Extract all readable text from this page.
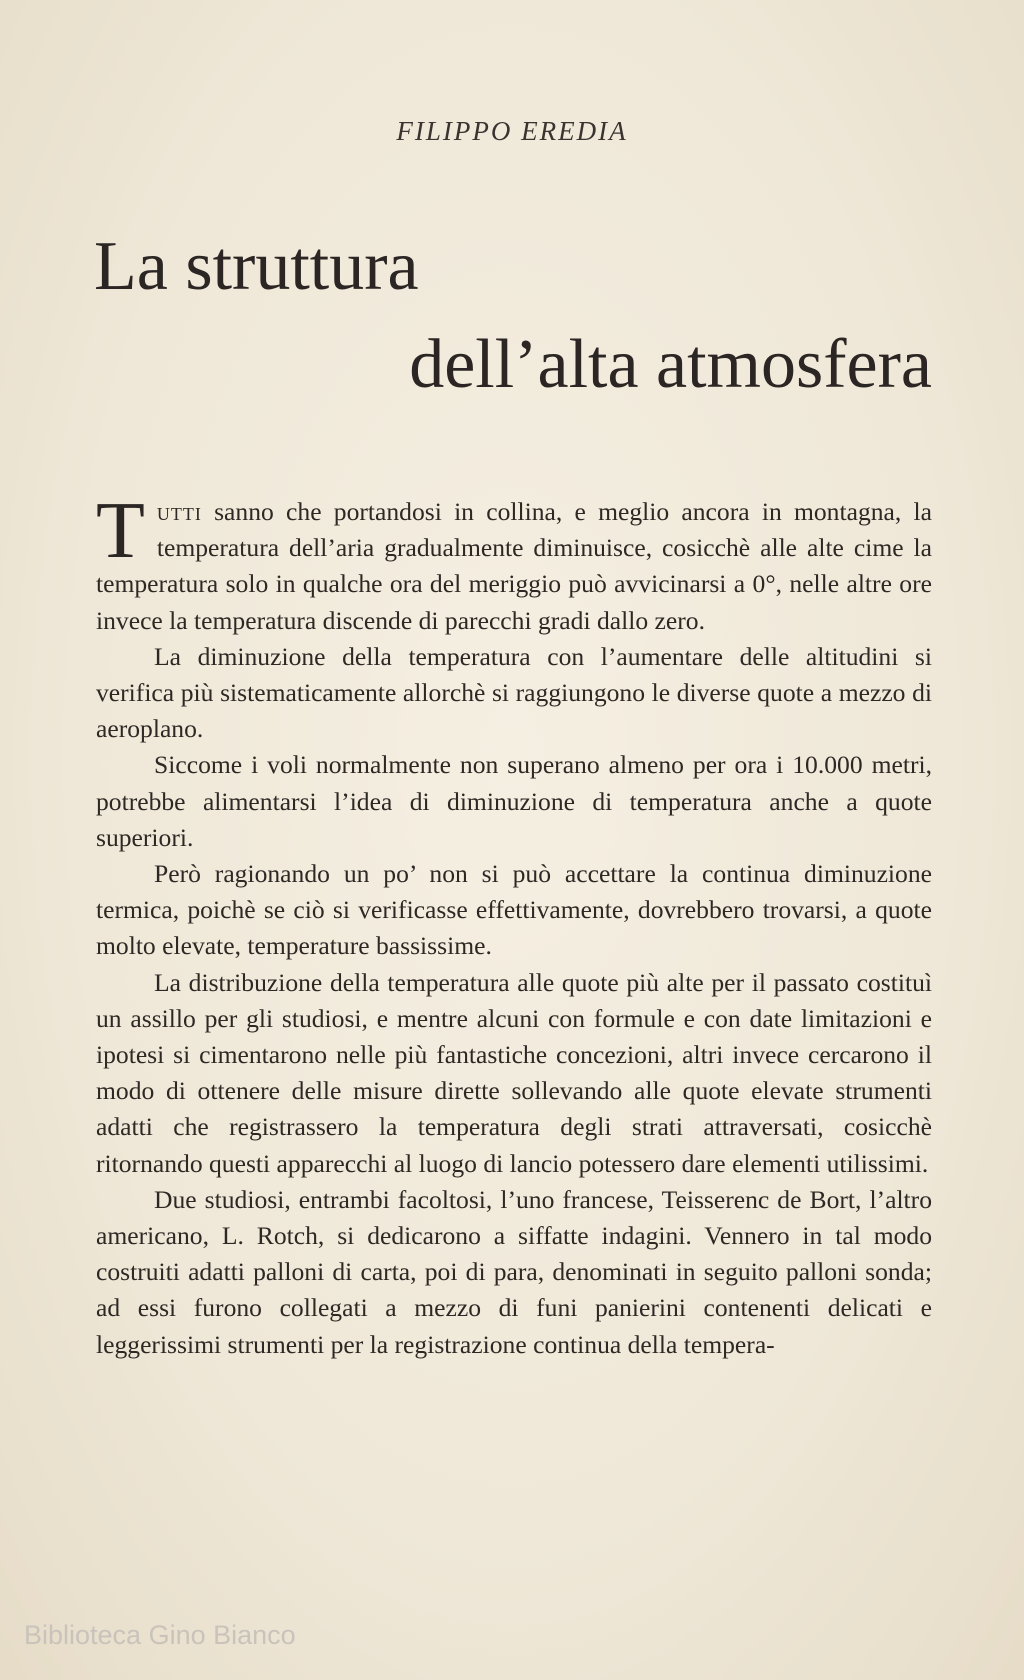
FILIPPO EREDIA
La struttura
dell’alta atmosfera

Tutti sanno che portandosi in collina, e meglio ancora in montagna, la temperatura dell’aria gradualmente diminuisce, cosicchè alle alte cime la temperatura solo in qualche ora del meriggio può avvicinarsi a 0°, nelle altre ore invece la temperatura discende di parecchi gradi dallo zero.

La diminuzione della temperatura con l’aumentare delle altitudini si verifica più sistematicamente allorchè si raggiungono le diverse quote a mezzo di aeroplano.

Siccome i voli normalmente non superano almeno per ora i 10.000 metri, potrebbe alimentarsi l’idea di diminuzione di temperatura anche a quote superiori.

Però ragionando un po’ non si può accettare la continua diminuzione termica, poichè se ciò si verificasse effettivamente, dovrebbero trovarsi, a quote molto elevate, temperature bassissime.

La distribuzione della temperatura alle quote più alte per il passato costituì un assillo per gli studiosi, e mentre alcuni con formule e con date limitazioni e ipotesi si cimentarono nelle più fantastiche concezioni, altri invece cercarono il modo di ottenere delle misure dirette sollevando alle quote elevate strumenti adatti che registrassero la temperatura degli strati attraversati, cosicchè ritornando questi apparecchi al luogo di lancio potessero dare elementi utilissimi.

Due studiosi, entrambi facoltosi, l’uno francese, Teisserenc de Bort, l’altro americano, L. Rotch, si dedicarono a siffatte indagini. Vennero in tal modo costruiti adatti palloni di carta, poi di para, denominati in seguito palloni sonda; ad essi furono collegati a mezzo di funi panierini contenenti delicati e leggerissimi strumenti per la registrazione continua della tempera-

Biblioteca Gino Bianco
